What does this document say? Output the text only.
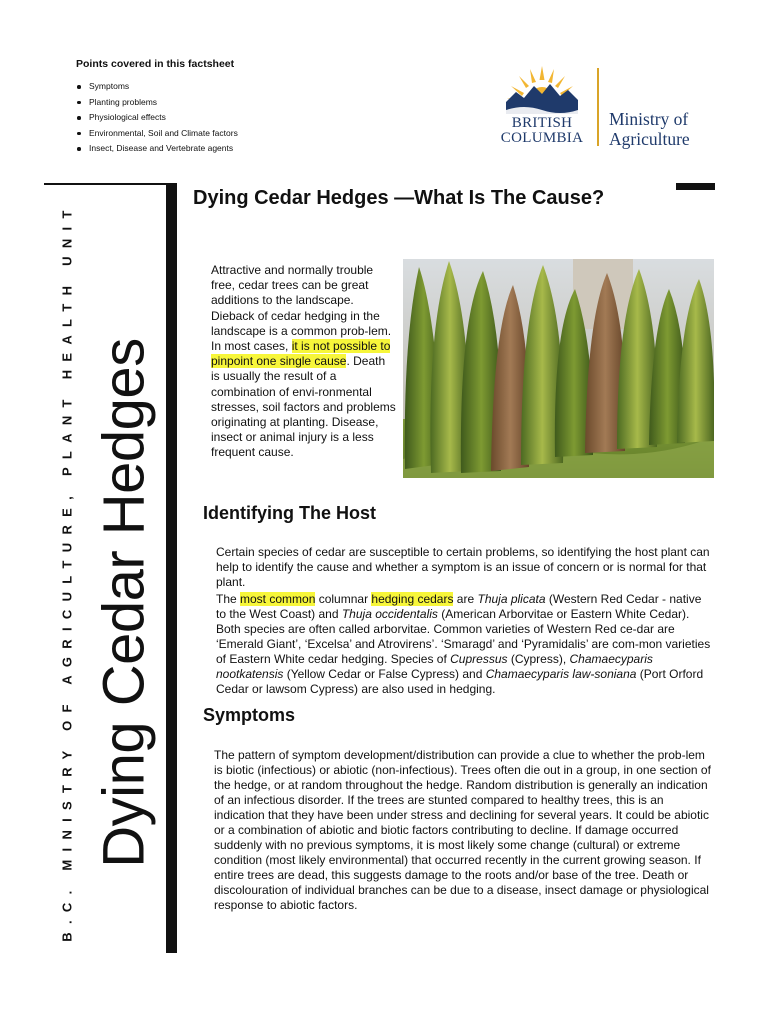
Points covered in this factsheet
Symptoms
Planting problems
Physiological effects
Environmental, Soil and Climate factors
Insect, Disease and Vertebrate agents
BRITISH
COLUMBIA
Ministry of
Agriculture
B.C. MINISTRY OF AGRICULTURE, PLANT HEALTH UNIT Dying Cedar Hedges
Dying Cedar Hedges —What Is The Cause?

Attractive and normally trouble free, cedar trees can be great additions to the landscape. Dieback of cedar hedging in the landscape is a common prob-lem. In most cases, it is not possible to pinpoint one single cause. Death is usually the result of a combination of envi-ronmental stresses, soil factors and problems originating at planting. Disease, insect or animal injury is a less frequent cause.

Identifying The Host

Certain species of cedar are susceptible to certain problems, so identifying the host plant can help to identify the cause and whether a symptom is an issue of concern or is normal for that plant.

The most common columnar hedging cedars are Thuja plicata (Western Red Cedar - native to the West Coast) and Thuja occidentalis (American Arborvitae or Eastern White Cedar). Both species are often called arborvitae. Common varieties of Western Red ce-dar are ‘Emerald Giant’, ‘Excelsa’ and Atrovirens’. ‘Smaragd’ and ‘Pyramidalis’ are com-mon varieties of Eastern White cedar hedging. Species of Cupressus (Cypress), Chamaecyparis nootkatensis (Yellow Cedar or False Cypress) and Chamaecyparis law-soniana (Port Orford Cedar or lawsom Cypress) are also used in hedging.

Symptoms

The pattern of symptom development/distribution can provide a clue to whether the prob-lem is biotic (infectious) or abiotic (non-infectious). Trees often die out in a group, in one section of the hedge, or at random throughout the hedge. Random distribution is generally an indication of an infectious disorder. If the trees are stunted compared to healthy trees, this is an indication that they have been under stress and declining for several years. It could be abiotic or a combination of abiotic and biotic factors contributing to decline. If damage occurred suddenly with no previous symptoms, it is most likely some change (cultural) or extreme condition (most likely environmental) that occurred recently in the current growing season. If entire trees are dead, this suggests damage to the roots and/or base of the tree. Death or discolouration of individual branches can be due to a disease, insect damage or physiological response to abiotic factors.
